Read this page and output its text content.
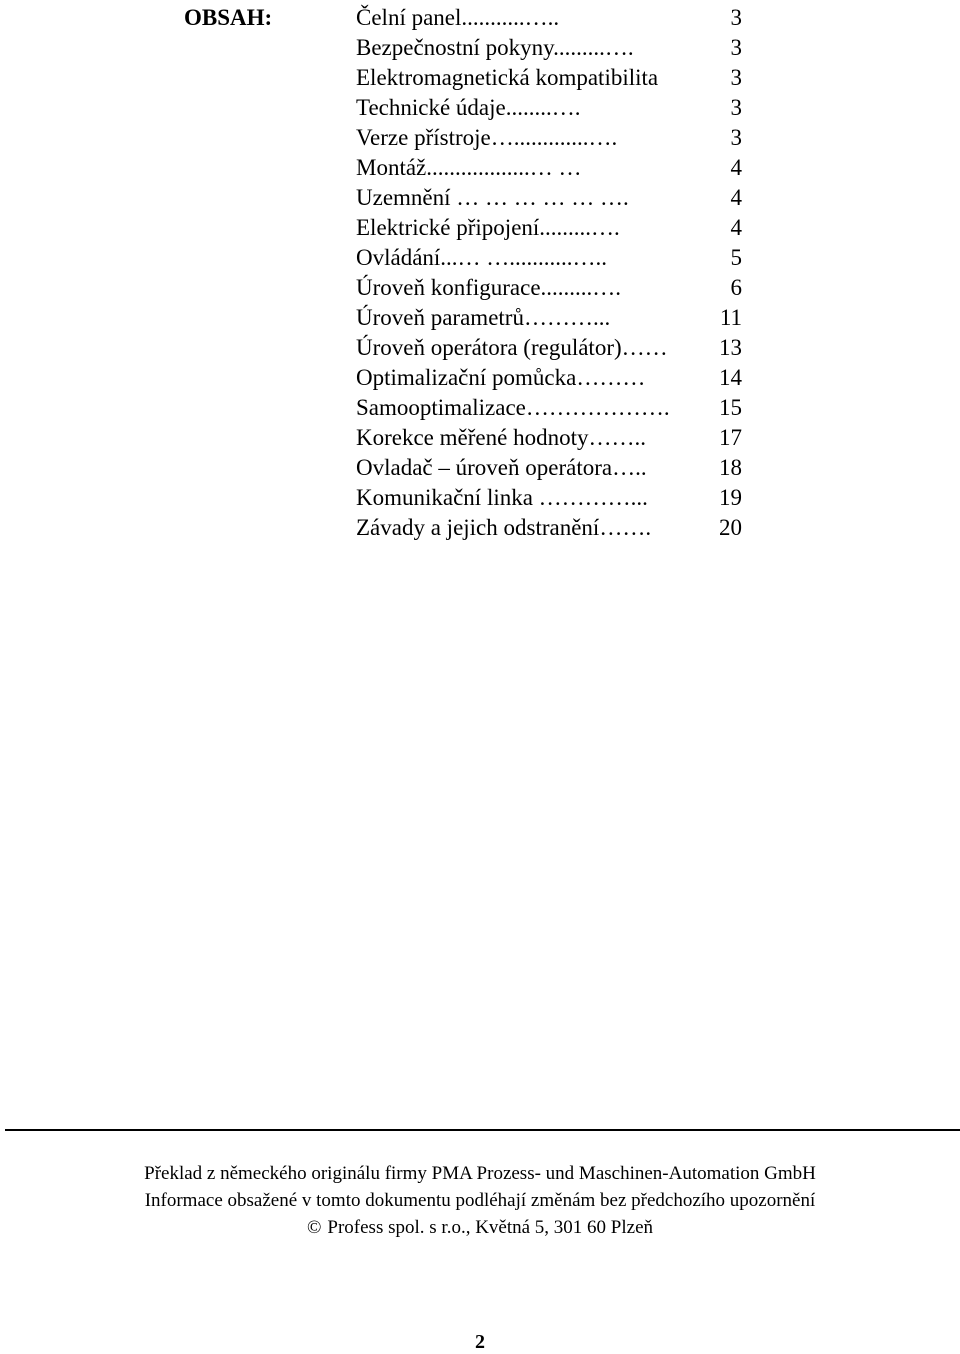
OBSAH:	Čelní panel...........…..	3
Bezpečnostní pokyny.........….	3
Elektromagnetická kompatibilita	3
Technické údaje........….	3
Verze přístroje….............….	3
Montáž..................… …	4
Uzemnění … … … … … ….	4
Elektrické připojení.........….	4
Ovládání...… …...........…..	5
Úroveň konfigurace.........….	6
Úroveň parametrů………...	11
Úroveň operátora (regulátor)…… 13
Optimalizační pomůcka………	14
Samooptimalizace………………. 15
Korekce měřené hodnoty……..	17
Ovladač – úroveň operátora…..	18
Komunikační linka …………...	19
Závady a jejich odstranění…….	20
Překlad z německého originálu firmy PMA Prozess- und Maschinen-Automation GmbH
Informace obsažené v tomto dokumentu podléhají změnám bez předchozího upozornění
© Profess spol. s r.o., Květná 5, 301 60 Plzeň
2
